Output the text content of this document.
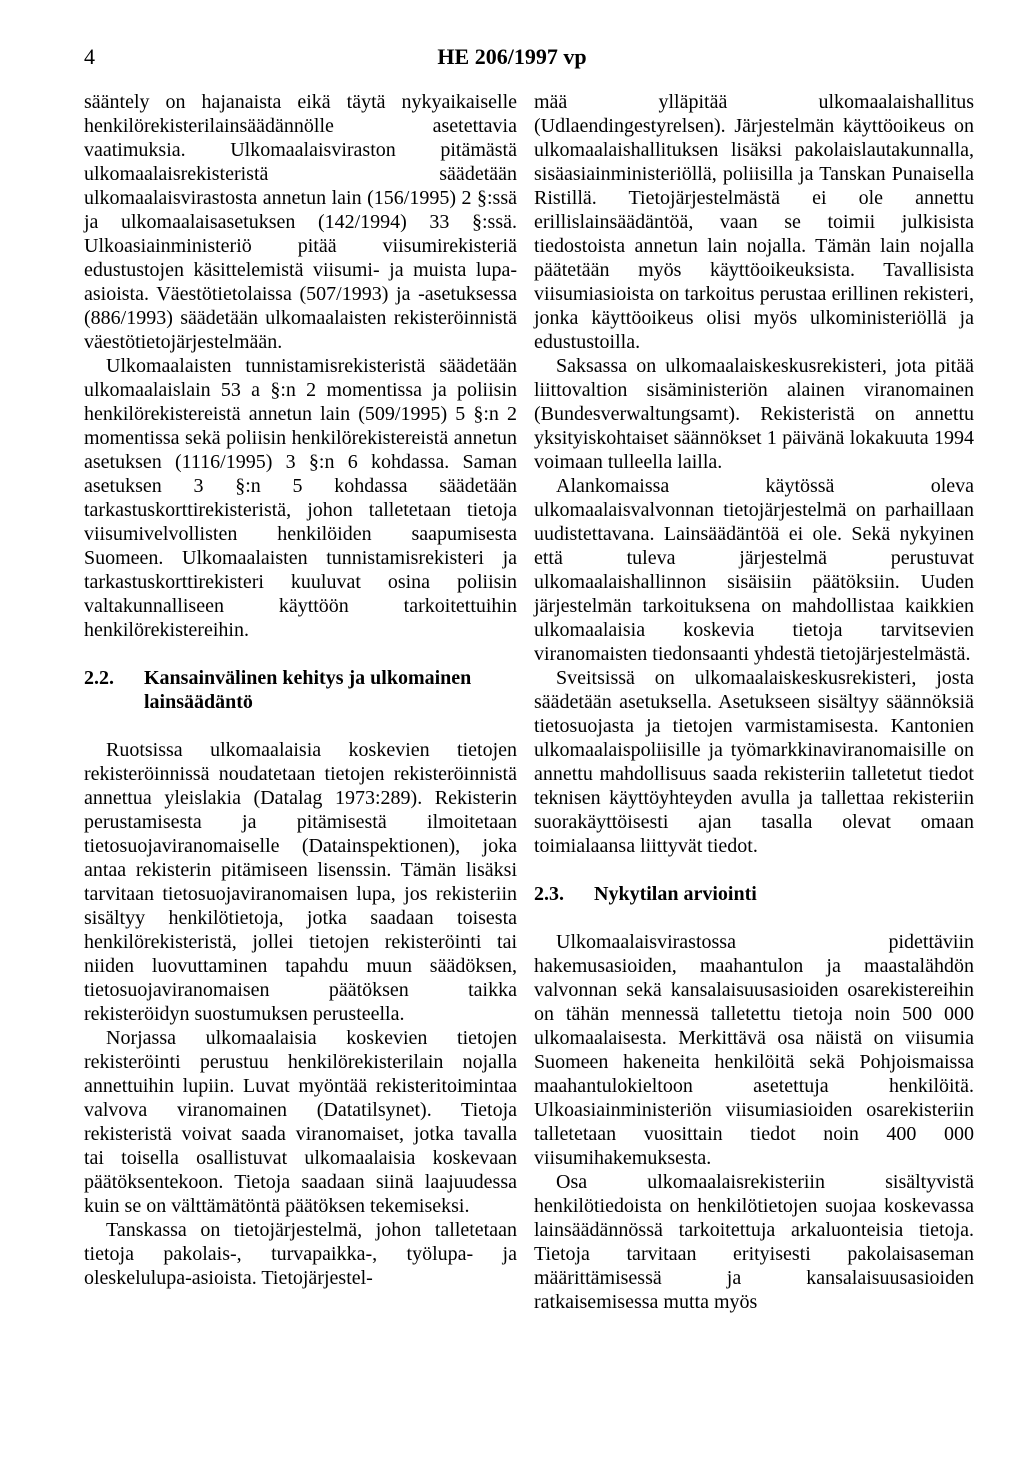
4	HE 206/1997 vp

sääntely on hajanaista eikä täytä nykyaikaiselle henkilörekisterilainsäädännölle asetettavia vaatimuksia. Ulkomaalaisviraston pitämästä ulkomaalaisrekisteristä säädetään ulkomaalaisvirastosta annetun lain (156/1995) 2 §:ssä ja ulkomaalaisasetuksen (142/1994) 33 §:ssä. Ulkoasiainministeriö pitää viisumirekisteriä edustustojen käsittelemistä viisumi- ja muista lupa-asioista. Väestötietolaissa (507/1993) ja -asetuksessa (886/1993) säädetään ulkomaalaisten rekisteröinnistä väestötietojärjestelmään.

Ulkomaalaisten tunnistamisrekisteristä säädetään ulkomaalaislain 53 a §:n 2 momentissa ja poliisin henkilörekistereistä annetun lain (509/1995) 5 §:n 2 momentissa sekä poliisin henkilörekistereistä annetun asetuksen (1116/1995) 3 §:n 6 kohdassa. Saman asetuksen 3 §:n 5 kohdassa säädetään tarkastuskorttirekisteristä, johon talletetaan tietoja viisumivelvollisten henkilöiden saapumisesta Suomeen. Ulkomaalaisten tunnistamisrekisteri ja tarkastuskorttirekisteri kuuluvat osina poliisin valtakunnalliseen käyttöön tarkoitettuihin henkilörekistereihin.

2.2.	Kansainvälinen kehitys ja ulkomainen lainsäädäntö

Ruotsissa ulkomaalaisia koskevien tietojen rekisteröinnissä noudatetaan tietojen rekisteröinnistä annettua yleislakia (Datalag 1973:289). Rekisterin perustamisesta ja pitämisestä ilmoitetaan tietosuojaviranomaiselle (Datainspektionen), joka antaa rekisterin pitämiseen lisenssin. Tämän lisäksi tarvitaan tietosuojaviranomaisen lupa, jos rekisteriin sisältyy henkilötietoja, jotka saadaan toisesta henkilörekisteristä, jollei tietojen rekisteröinti tai niiden luovuttaminen tapahdu muun säädöksen, tietosuojaviranomaisen päätöksen taikka rekisteröidyn suostumuksen perusteella.

Norjassa ulkomaalaisia koskevien tietojen rekisteröinti perustuu henkilörekisterilain nojalla annettuihin lupiin. Luvat myöntää rekisteritoimintaa valvova viranomainen (Datatilsynet). Tietoja rekisteristä voivat saada viranomaiset, jotka tavalla tai toisella osallistuvat ulkomaalaisia koskevaan päätöksentekoon. Tietoja saadaan siinä laajuudessa kuin se on välttämätöntä päätöksen tekemiseksi.

Tanskassa on tietojärjestelmä, johon talletetaan tietoja pakolais-, turvapaikka-, työlupa- ja oleskelulupa-asioista. Tietojärjestel-

mää ylläpitää ulkomaalaishallitus (Udlaendingestyrelsen). Järjestelmän käyttöoikeus on ulkomaalaishallituksen lisäksi pakolaislautakunnalla, sisäasiainministeriöllä, poliisilla ja Tanskan Punaisella Ristillä. Tietojärjestelmästä ei ole annettu erillislainsäädäntöä, vaan se toimii julkisista tiedostoista annetun lain nojalla. Tämän lain nojalla päätetään myös käyttöoikeuksista. Tavallisista viisumiasioista on tarkoitus perustaa erillinen rekisteri, jonka käyttöoikeus olisi myös ulkoministeriöllä ja edustustoilla.

Saksassa on ulkomaalaiskeskusrekisteri, jota pitää liittovaltion sisäministeriön alainen viranomainen (Bundesverwaltungsamt). Rekisteristä on annettu yksityiskohtaiset säännökset 1 päivänä lokakuuta 1994 voimaan tulleella lailla.

Alankomaissa käytössä oleva ulkomaalaisvalvonnan tietojärjestelmä on parhaillaan uudistettavana. Lainsäädäntöä ei ole. Sekä nykyinen että tuleva järjestelmä perustuvat ulkomaalaishallinnon sisäisiin päätöksiin. Uuden järjestelmän tarkoituksena on mahdollistaa kaikkien ulkomaalaisia koskevia tietoja tarvitsevien viranomaisten tiedonsaanti yhdestä tietojärjestelmästä.

Sveitsissä on ulkomaalaiskeskusrekisteri, josta säädetään asetuksella. Asetukseen sisältyy säännöksiä tietosuojasta ja tietojen varmistamisesta. Kantonien ulkomaalaispoliisille ja työmarkkinaviranomaisille on annettu mahdollisuus saada rekisteriin talletetut tiedot teknisen käyttöyhteyden avulla ja tallettaa rekisteriin suorakäyttöisesti ajan tasalla olevat omaan toimialaansa liittyvät tiedot.

2.3.	Nykytilan arviointi

Ulkomaalaisvirastossa pidettäviin hakemusasioiden, maahantulon ja maastalähdön valvonnan sekä kansalaisuusasioiden osarekistereihin on tähän mennessä talletettu tietoja noin 500 000 ulkomaalaisesta. Merkittävä osa näistä on viisumia Suomeen hakeneita henkilöitä sekä Pohjoismaissa maahantulokieltoon asetettuja henkilöitä. Ulkoasiainministeriön viisumiasioiden osarekisteriin talletetaan vuosittain tiedot noin 400 000 viisumihakemuksesta.

Osa ulkomaalaisrekisteriin sisältyvistä henkilötiedoista on henkilötietojen suojaa koskevassa lainsäädännössä tarkoitettuja arkaluonteisia tietoja. Tietoja tarvitaan erityisesti pakolaisaseman määrittämisessä ja kansalaisuusasioiden ratkaisemisessa mutta myös
